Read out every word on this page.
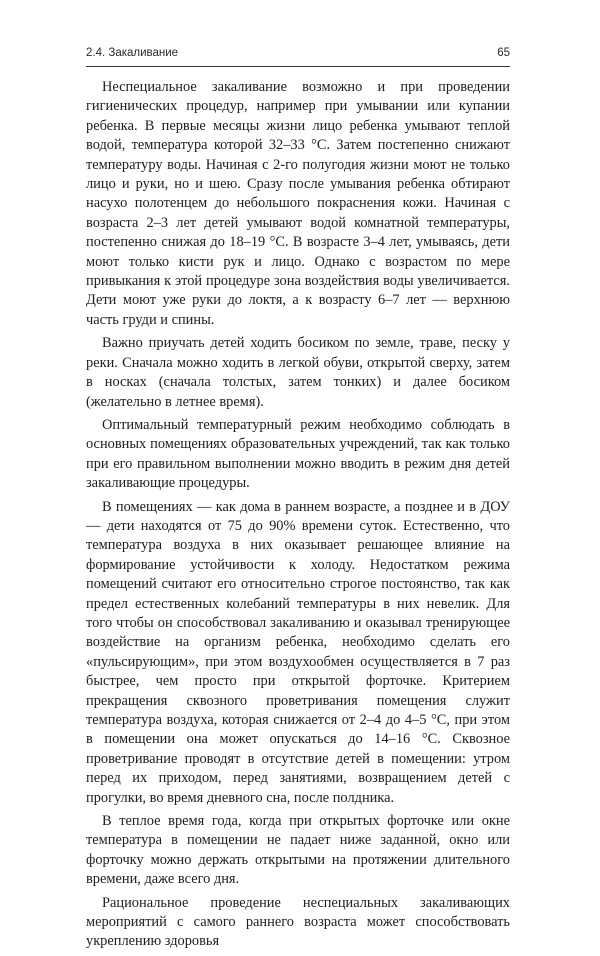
2.4. Закаливание	65

Неспециальное закаливание возможно и при проведении гигиенических процедур, например при умывании или купании ребенка. В первые месяцы жизни лицо ребенка умывают теплой водой, температура которой 32–33 °С. Затем постепенно снижают температуру воды. Начиная с 2-го полугодия жизни моют не только лицо и руки, но и шею. Сразу после умывания ребенка обтирают насухо полотенцем до небольшого покраснения кожи. Начиная с возраста 2–3 лет детей умывают водой комнатной температуры, постепенно снижая до 18–19 °С. В возрасте 3–4 лет, умываясь, дети моют только кисти рук и лицо. Однако с возрастом по мере привыкания к этой процедуре зона воздействия воды увеличивается. Дети моют уже руки до локтя, а к возрасту 6–7 лет — верхнюю часть груди и спины.

Важно приучать детей ходить босиком по земле, траве, песку у реки. Сначала можно ходить в легкой обуви, открытой сверху, затем в носках (сначала толстых, затем тонких) и далее босиком (желательно в летнее время).

Оптимальный температурный режим необходимо соблюдать в основных помещениях образовательных учреждений, так как только при его правильном выполнении можно вводить в режим дня детей закаливающие процедуры.

В помещениях — как дома в раннем возрасте, а позднее и в ДОУ — дети находятся от 75 до 90% времени суток. Естественно, что температура воздуха в них оказывает решающее влияние на формирование устойчивости к холоду. Недостатком режима помещений считают его относительно строгое постоянство, так как предел естественных колебаний температуры в них невелик. Для того чтобы он способствовал закаливанию и оказывал тренирующее воздействие на организм ребенка, необходимо сделать его «пульсирующим», при этом воздухообмен осуществляется в 7 раз быстрее, чем просто при открытой форточке. Критерием прекращения сквозного проветривания помещения служит температура воздуха, которая снижается от 2–4 до 4–5 °С, при этом в помещении она может опускаться до 14–16 °С. Сквозное проветривание проводят в отсутствие детей в помещении: утром перед их приходом, перед занятиями, возвращением детей с прогулки, во время дневного сна, после полдника.

В теплое время года, когда при открытых форточке или окне температура в помещении не падает ниже заданной, окно или форточку можно держать открытыми на протяжении длительного времени, даже всего дня.

Рациональное проведение неспециальных закаливающих мероприятий с самого раннего возраста может способствовать укреплению здоровья
